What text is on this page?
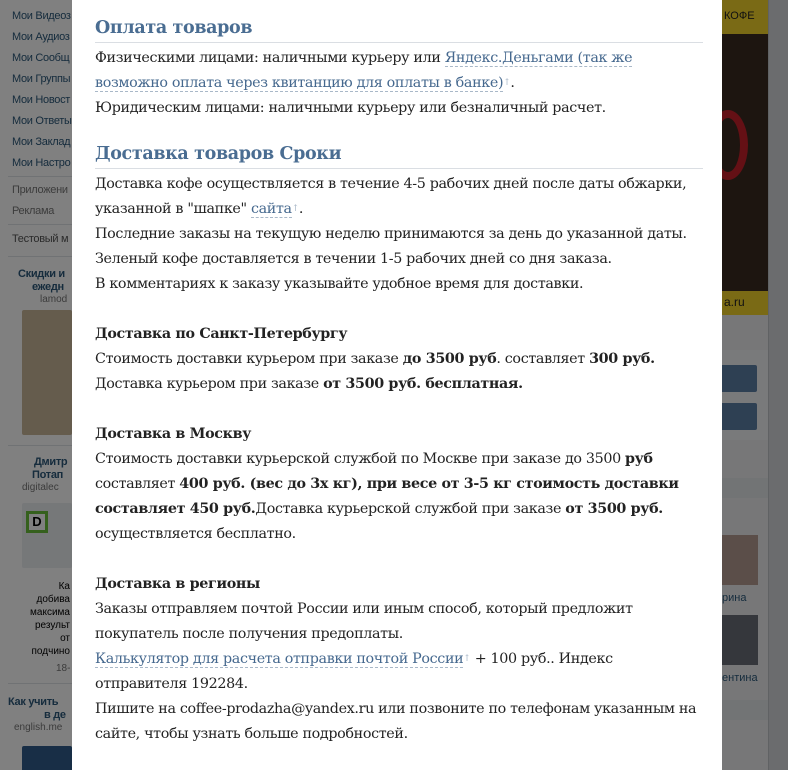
Мои Видеоз
Мои Аудиоз
Мои Сообщ
Мои Группы
Мои Новост
Мои Ответы
Мои Заклад
Мои Настро
Приложени
Реклама
Тестовый м
Скидки и
ежедн
lamod
Дмитр
Потап
digitalec
D
Ка
добива
максима
результ
от
подчино
18-
Как учить
в де
english.me
КОФЕ
a.ru
рина
ентина
Оплата товаров
Физическими лицами: наличными курьеру или Яндекс.Деньгами (так же возможно оплата через квитанцию для оплаты в банке)↑.
Юридическим лицами: наличными курьеру или безналичный расчет.
Доставка товаров Сроки
Доставка кофе осуществляется в течение 4-5 рабочих дней после даты обжарки, указанной в "шапке" сайта↑.
Последние заказы на текущую неделю принимаются за день до указанной даты.
Зеленый кофе доставляется в течении 1-5 рабочих дней со дня заказа.
В комментариях к заказу указывайте удобное время для доставки.
Доставка по Санкт-Петербургу
Стоимость доставки курьером при заказе до 3500 руб. составляет 300 руб.
Доставка курьером при заказе от 3500 руб. бесплатная.
Доставка в Москву
Стоимость доставки курьерской службой по Москве при заказе до 3500 руб составляет 400 руб. (вес до 3х кг), при весе от 3-5 кг стоимость доставки составляет 450 руб.Доставка курьерской службой при заказе от 3500 руб. осуществляется бесплатно.
Доставка в регионы
Заказы отправляем почтой России или иным способ, который предложит покупатель после получения предоплаты.
Калькулятор для расчета отправки почтой России↑ + 100 руб.. Индекс отправителя 192284.
Пишите на coffee-prodazha@yandex.ru или позвоните по телефонам указанным на сайте, чтобы узнать больше подробностей.
